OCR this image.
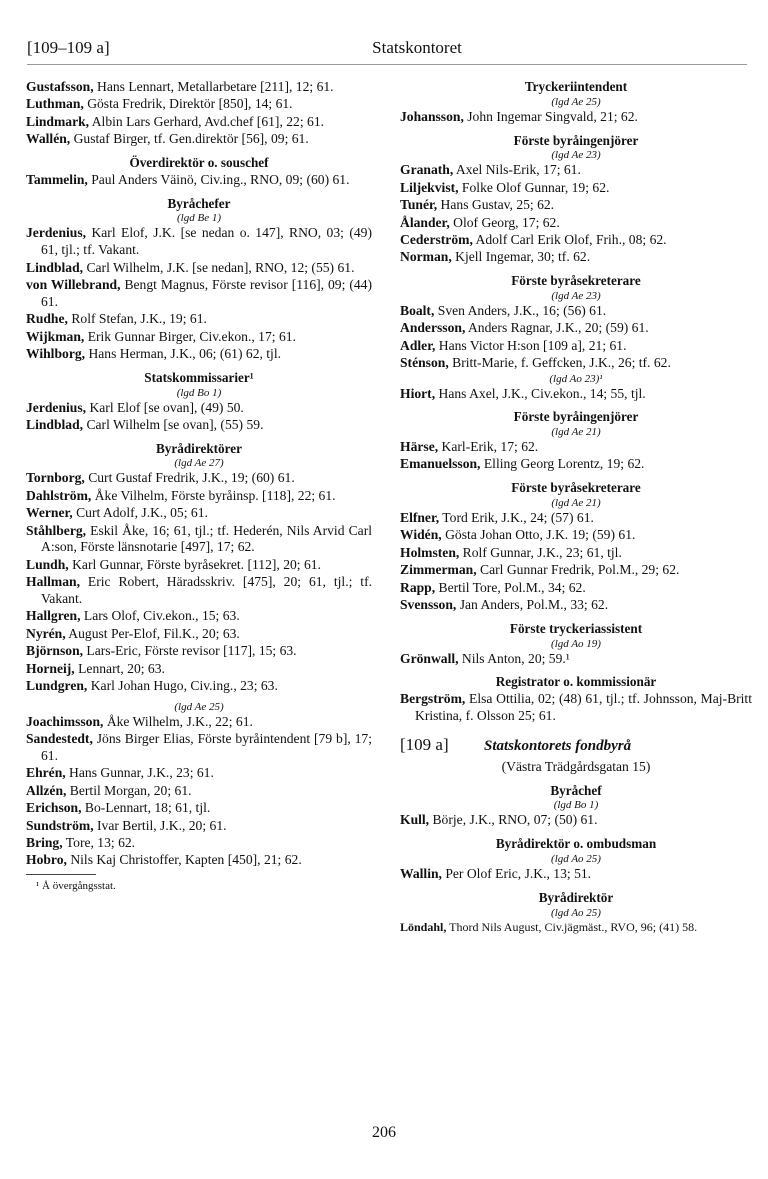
[109–109 a]	Statskontoret

Gustafsson, Hans Lennart, Metallarbetare [211], 12; 61.

Luthman, Gösta Fredrik, Direktör [850], 14; 61.

Lindmark, Albin Lars Gerhard, Avd.chef [61], 22; 61.

Wallén, Gustaf Birger, tf. Gen.direktör [56], 09; 61.

Överdirektör o. souschef

Tammelin, Paul Anders Väinö, Civ.ing., RNO, 09; (60) 61.

Byråchefer
(lgd Be 1)

Jerdenius, Karl Elof, J.K. [se nedan o. 147], RNO, 03; (49) 61, tjl.; tf. Vakant.

Lindblad, Carl Wilhelm, J.K. [se nedan], RNO, 12; (55) 61.

von Willebrand, Bengt Magnus, Förste revisor [116], 09; (44) 61.

Rudhe, Rolf Stefan, J.K., 19; 61.

Wijkman, Erik Gunnar Birger, Civ.ekon., 17; 61.

Wihlborg, Hans Herman, J.K., 06; (61) 62, tjl.

Statskommissarier¹
(lgd Bo 1)

Jerdenius, Karl Elof [se ovan], (49) 50.

Lindblad, Carl Wilhelm [se ovan], (55) 59.

Byrådirektörer
(lgd Ae 27)

Tornborg, Curt Gustaf Fredrik, J.K., 19; (60) 61.

Dahlström, Åke Vilhelm, Förste byråinsp. [118], 22; 61.

Werner, Curt Adolf, J.K., 05; 61.

Ståhlberg, Eskil Åke, 16; 61, tjl.; tf. Hederén, Nils Arvid Carl A:son, Förste länsnotarie [497], 17; 62.

Lundh, Karl Gunnar, Förste byråsekret. [112], 20; 61.

Hallman, Eric Robert, Häradsskriv. [475], 20; 61, tjl.; tf. Vakant.

Hallgren, Lars Olof, Civ.ekon., 15; 63.

Nyrén, August Per-Elof, Fil.K., 20; 63.

Björnson, Lars-Eric, Förste revisor [117], 15; 63.

Horneij, Lennart, 20; 63.

Lundgren, Karl Johan Hugo, Civ.ing., 23; 63.

(lgd Ae 25)

Joachimsson, Åke Wilhelm, J.K., 22; 61.

Sandestedt, Jöns Birger Elias, Förste byråintendent [79 b], 17; 61.

Ehrén, Hans Gunnar, J.K., 23; 61.

Allzén, Bertil Morgan, 20; 61.

Erichson, Bo-Lennart, 18; 61, tjl.

Sundström, Ivar Bertil, J.K., 20; 61.

Bring, Tore, 13; 62.

Hobro, Nils Kaj Christoffer, Kapten [450], 21; 62.

¹ Å övergångsstat.
Tryckeriintendent
(lgd Ae 25)

Johansson, John Ingemar Singvald, 21; 62.

Förste byråingenjörer
(lgd Ae 23)

Granath, Axel Nils-Erik, 17; 61.

Liljekvist, Folke Olof Gunnar, 19; 62.

Tunér, Hans Gustav, 25; 62.

Ålander, Olof Georg, 17; 62.

Cederström, Adolf Carl Erik Olof, Frih., 08; 62.

Norman, Kjell Ingemar, 30; tf. 62.

Förste byråsekreterare
(lgd Ae 23)

Boalt, Sven Anders, J.K., 16; (56) 61.

Andersson, Anders Ragnar, J.K., 20; (59) 61.

Adler, Hans Victor H:son [109 a], 21; 61.

Sténson, Britt-Marie, f. Geffcken, J.K., 26; tf. 62.

(lgd Ao 23)¹

Hiort, Hans Axel, J.K., Civ.ekon., 14; 55, tjl.

Förste byråingenjörer
(lgd Ae 21)

Härse, Karl-Erik, 17; 62.

Emanuelsson, Elling Georg Lorentz, 19; 62.

Förste byråsekreterare
(lgd Ae 21)

Elfner, Tord Erik, J.K., 24; (57) 61.

Widén, Gösta Johan Otto, J.K. 19; (59) 61.

Holmsten, Rolf Gunnar, J.K., 23; 61, tjl.

Zimmerman, Carl Gunnar Fredrik, Pol.M., 29; 62.

Rapp, Bertil Tore, Pol.M., 34; 62.

Svensson, Jan Anders, Pol.M., 33; 62.

Förste tryckeriassistent
(lgd Ao 19)

Grönwall, Nils Anton, 20; 59.¹

Registrator o. kommissionär

Bergström, Elsa Ottilia, 02; (48) 61, tjl.; tf. Johnsson, Maj-Britt Kristina, f. Olsson 25; 61.

[109 a] Statskontorets fondbyrå
(Västra Trädgårdsgatan 15)
Byråchef
(lgd Bo 1)

Kull, Börje, J.K., RNO, 07; (50) 61.

Byrådirektör o. ombudsman
(lgd Ao 25)

Wallin, Per Olof Eric, J.K., 13; 51.

Byrådirektör
(lgd Ao 25)

Löndahl, Thord Nils August, Civ.jägmäst., RVO, 96; (41) 58.

206
